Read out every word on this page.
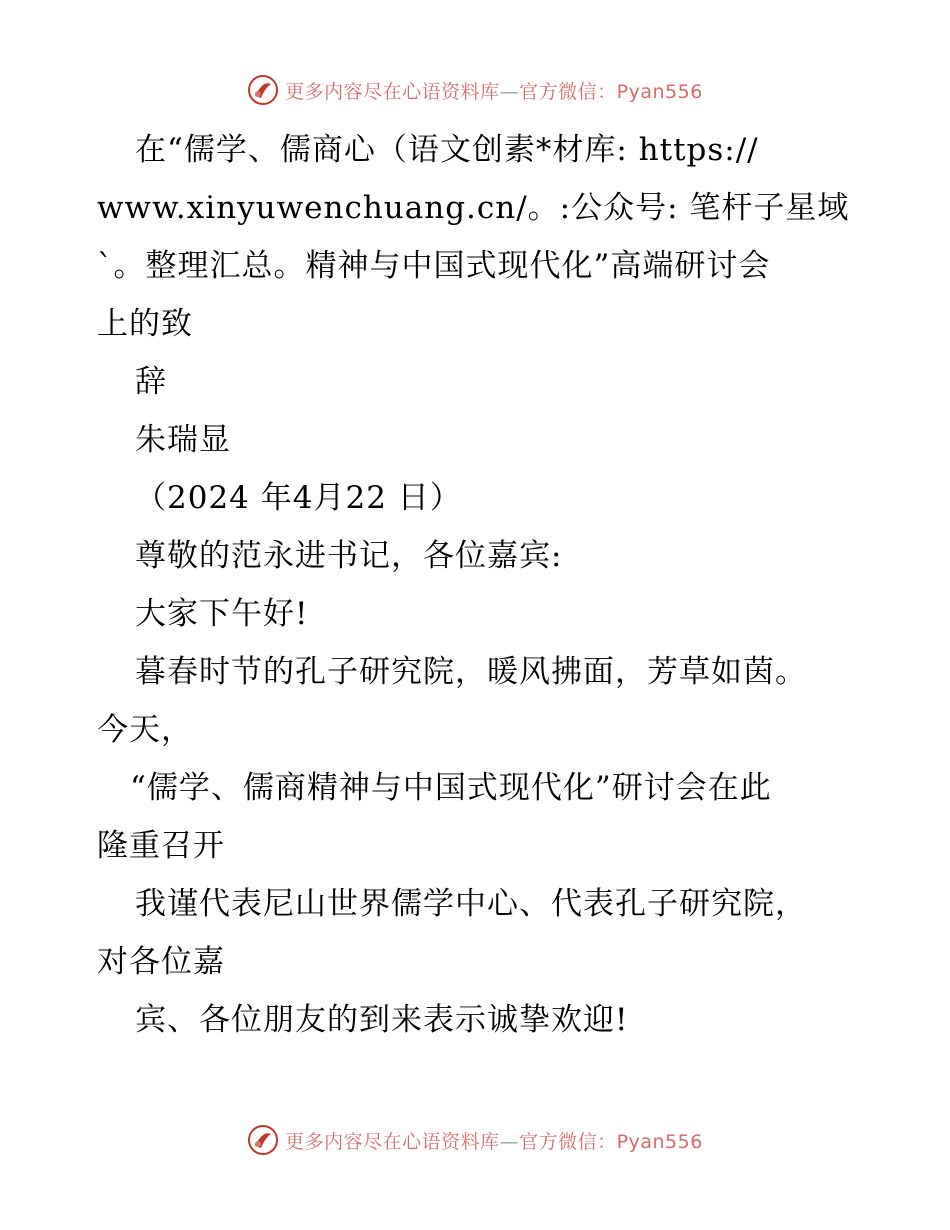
更多内容尽在心语资料库—官方微信：Pyan556
在“儒学、儒商心（语文创素*材库: https://
www.xinyuwenchuang.cn/。:公众号: 笔杆子星域
`。整理汇总。精神与中国式现代化”高端研讨会
上的致
辞
朱瑞显
（2024 年4月22 日）
尊敬的范永进书记，各位嘉宾:
大家下午好!
暮春时节的孔子研究院，暖风拂面，芳草如茵。
今天，
“儒学、儒商精神与中国式现代化”研讨会在此
隆重召开
我谨代表尼山世界儒学中心、代表孔子研究院，
对各位嘉
宾、各位朋友的到来表示诚挚欢迎!
更多内容尽在心语资料库—官方微信：Pyan556
